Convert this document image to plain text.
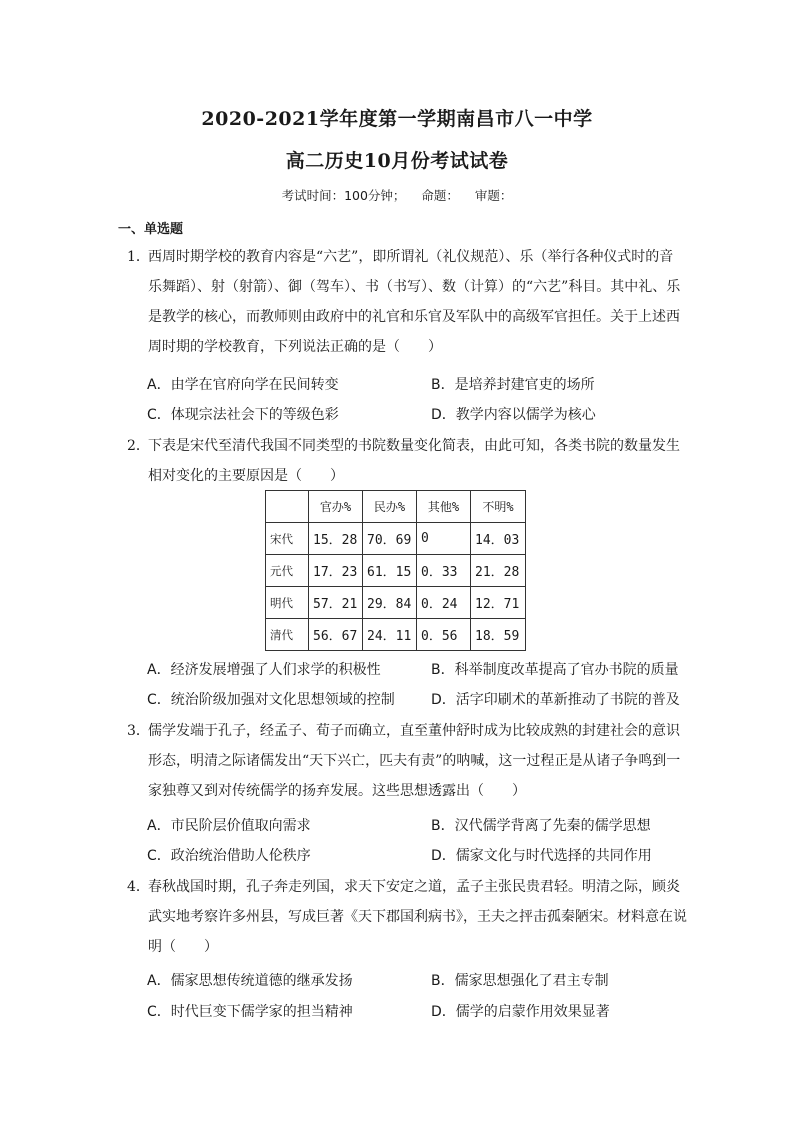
2020-2021学年度第一学期南昌市八一中学
高二历史10月份考试试卷
考试时间：100分钟； 命题： 审题：
一、单选题
1．
西周时期学校的教育内容是“六艺”，即所谓礼（礼仪规范）、乐（举行各种仪式时的音乐舞蹈）、射（射箭）、御（驾车）、书（书写）、数（计算）的“六艺”科目。其中礼、乐是教学的核心，而教师则由政府中的礼官和乐官及军队中的高级军官担任。关于上述西周时期的学校教育，下列说法正确的是（　　）
A．由学在官府向学在民间转变	B．是培养封建官吏的场所
C．体现宗法社会下的等级色彩	D．教学内容以儒学为核心
2．
下表是宋代至清代我国不同类型的书院数量变化简表，由此可知，各类书院的数量发生相对变化的主要原因是（　　）
	官办%	民办%	其他%	不明%
宋代	15．28	70．69	0	14．03
元代	17．23	61．15	0．33	21．28
明代	57．21	29．84	0．24	12．71
清代	56．67	24．11	0．56	18．59
A．经济发展增强了人们求学的积极性	B．科举制度改革提高了官办书院的质量
C．统治阶级加强对文化思想领域的控制	D．活字印刷术的革新推动了书院的普及
3．
儒学发端于孔子，经孟子、荀子而确立，直至董仲舒时成为比较成熟的封建社会的意识形态，明清之际诸儒发出“天下兴亡，匹夫有责”的呐喊，这一过程正是从诸子争鸣到一家独尊又到对传统儒学的扬弃发展。这些思想透露出（　　）
A．市民阶层价值取向需求	B．汉代儒学背离了先秦的儒学思想
C．政治统治借助人伦秩序	D．儒家文化与时代选择的共同作用
4．
春秋战国时期，孔子奔走列国，求天下安定之道，孟子主张民贵君轻。明清之际，顾炎武实地考察许多州县，写成巨著《天下郡国利病书》，王夫之抨击孤秦陋宋。材料意在说明（　　）
A．儒家思想传统道德的继承发扬	B．儒家思想强化了君主专制
C．时代巨变下儒学家的担当精神	D．儒学的启蒙作用效果显著
